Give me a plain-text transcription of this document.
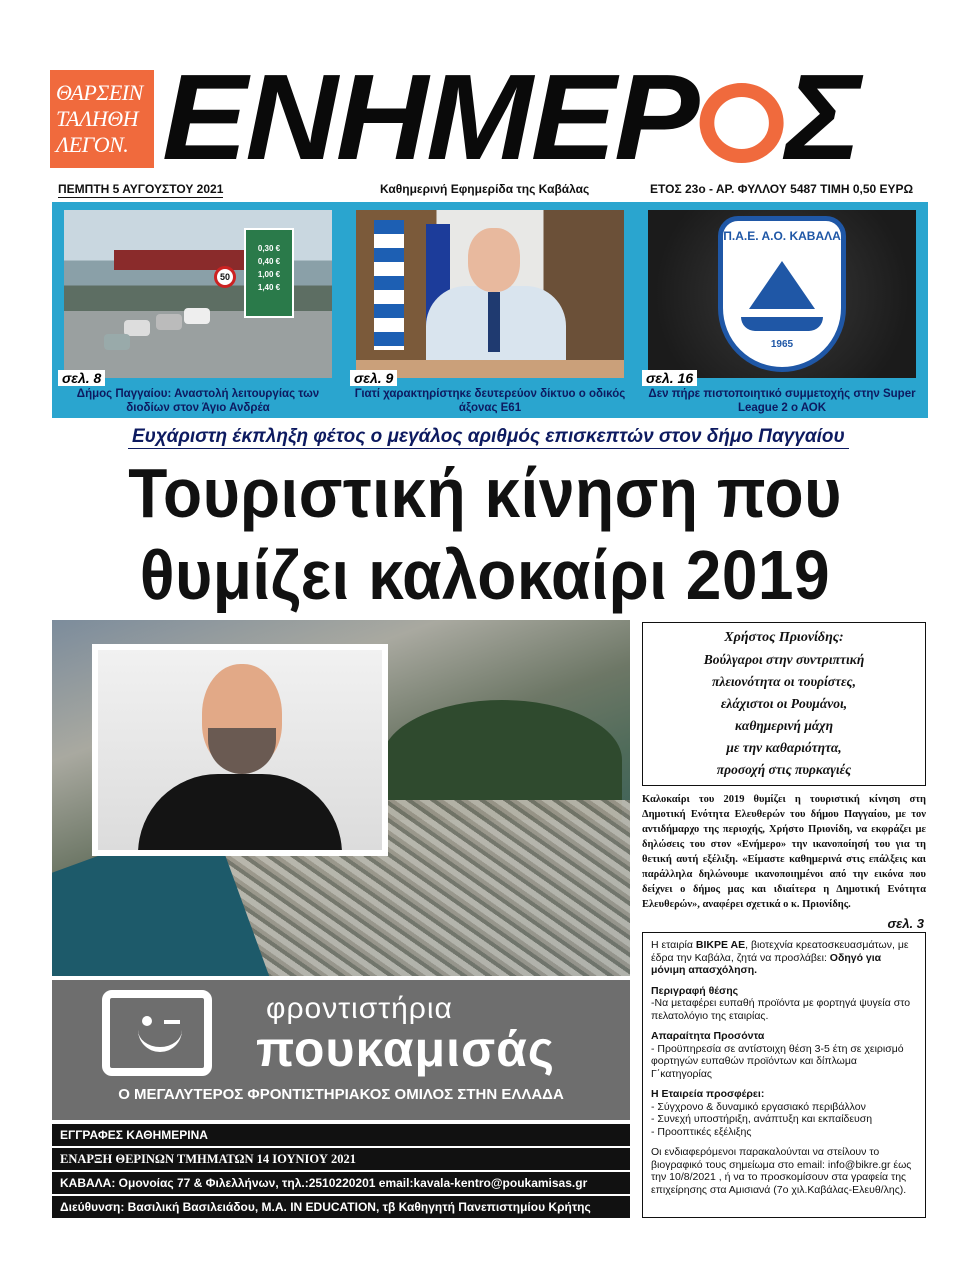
ΘΑΡΣΕΙΝ
ΤΑΛΗΘΗ
ΛΕΓΟΝ. ΕΝΗΜΕΡ Σ
ΠΕΜΠΤΗ 5 ΑΥΓΟΥΣΤΟΥ 2021	Καθημερινή Εφημερίδα της Καβάλας	ΕΤΟΣ 23ο - ΑΡ. ΦΥΛΛΟΥ 5487 ΤΙΜΗ 0,50 ΕΥΡΩ
0,30 €
0,40 €
1,00 €
1,40 €
50
σελ. 8
Δήμος Παγγαίου: Αναστολή λειτουργίας των διοδίων στον Άγιο Ανδρέα
σελ. 9
Γιατί χαρακτηρίστηκε δευτερεύον δίκτυο ο οδικός άξονας Ε61
Π.Α.Ε. Α.Ο. ΚΑΒΑΛΑ
1965
σελ. 16
Δεν πήρε πιστοποιητικό συμμετοχής στην Super League 2 ο ΑΟΚ
Ευχάριστη έκπληξη φέτος ο μεγάλος αριθμός επισκεπτών στον δήμο Παγγαίου
Τουριστική κίνηση που
θυμίζει καλοκαίρι 2019
Χρήστος Πριονίδης:
Βούλγαροι στην συντριπτική
πλειονότητα οι τουρίστες,
ελάχιστοι οι Ρουμάνοι,
καθημερινή μάχη
με την καθαριότητα,
προσοχή στις πυρκαγιές
Καλοκαίρι του 2019 θυμίζει η τουριστική κίνηση στη Δημοτική Ενότητα Ελευθερών του δήμου Παγγαίου, με τον αντιδήμαρχο της περιοχής, Χρήστο Πριονίδη, να εκφράζει με δηλώσεις του στον «Ενήμερο» την ικανοποίησή του για τη θετική αυτή εξέλιξη. «Είμαστε καθημερινά στις επάλξεις και παράλληλα δηλώνουμε ικανοποιημένοι από την εικόνα που δείχνει ο δήμος μας και ιδιαίτερα η Δημοτική Ενότητα Ελευθερών», αναφέρει σχετικά ο κ. Πριονίδης.
σελ. 3
φροντιστήρια
πουκαμισάς
Ο ΜΕΓΑΛΥΤΕΡΟΣ ΦΡΟΝΤΙΣΤΗΡΙΑΚΟΣ ΟΜΙΛΟΣ ΣΤΗΝ ΕΛΛΑΔΑ
ΕΓΓΡΑΦΕΣ ΚΑΘΗΜΕΡΙΝΑ
ΕΝΑΡΞΗ ΘΕΡΙΝΩΝ ΤΜΗΜΑΤΩΝ 14 ΙΟΥΝΙΟΥ 2021
ΚΑΒΑΛΑ: Ομονοίας 77 & Φιλελλήνων, τηλ.:2510220201 email:kavala-kentro@poukamisas.gr
Διεύθυνση: Βασιλική Βασιλειάδου, M.A. IN EDUCATION, τβ Καθηγητή Πανεπιστημίου Κρήτης

Η εταιρία ΒΙΚΡΕ ΑΕ, βιοτεχνία κρεατοσκευασμάτων, με έδρα την Καβάλα, ζητά να προσλάβει: Οδηγό για μόνιμη απασχόληση.

Περιγραφή θέσης
-Να μεταφέρει ευπαθή προϊόντα με φορτηγά ψυγεία στο πελατολόγιο της εταιρίας.

Απαραίτητα Προσόντα
- Προϋπηρεσία σε αντίστοιχη θέση 3-5 έτη σε χειρισμό φορτηγών ευπαθών προϊόντων και δίπλωμα Γ΄κατηγορίας

Η Εταιρεία προσφέρει:
- Σύγχρονο & δυναμικό εργασιακό περιβάλλον
- Συνεχή υποστήριξη, ανάπτυξη και εκπαίδευση
- Προοπτικές εξέλιξης

Οι ενδιαφερόμενοι παρακαλούνται να στείλουν το βιογραφικό τους σημείωμα στο email: info@bikre.gr έως την 10/8/2021 , ή να το προσκομίσουν στα γραφεία της επιχείρησης στα Αμισιανά (7ο χιλ.Καβάλας-Ελευθ/λης).
